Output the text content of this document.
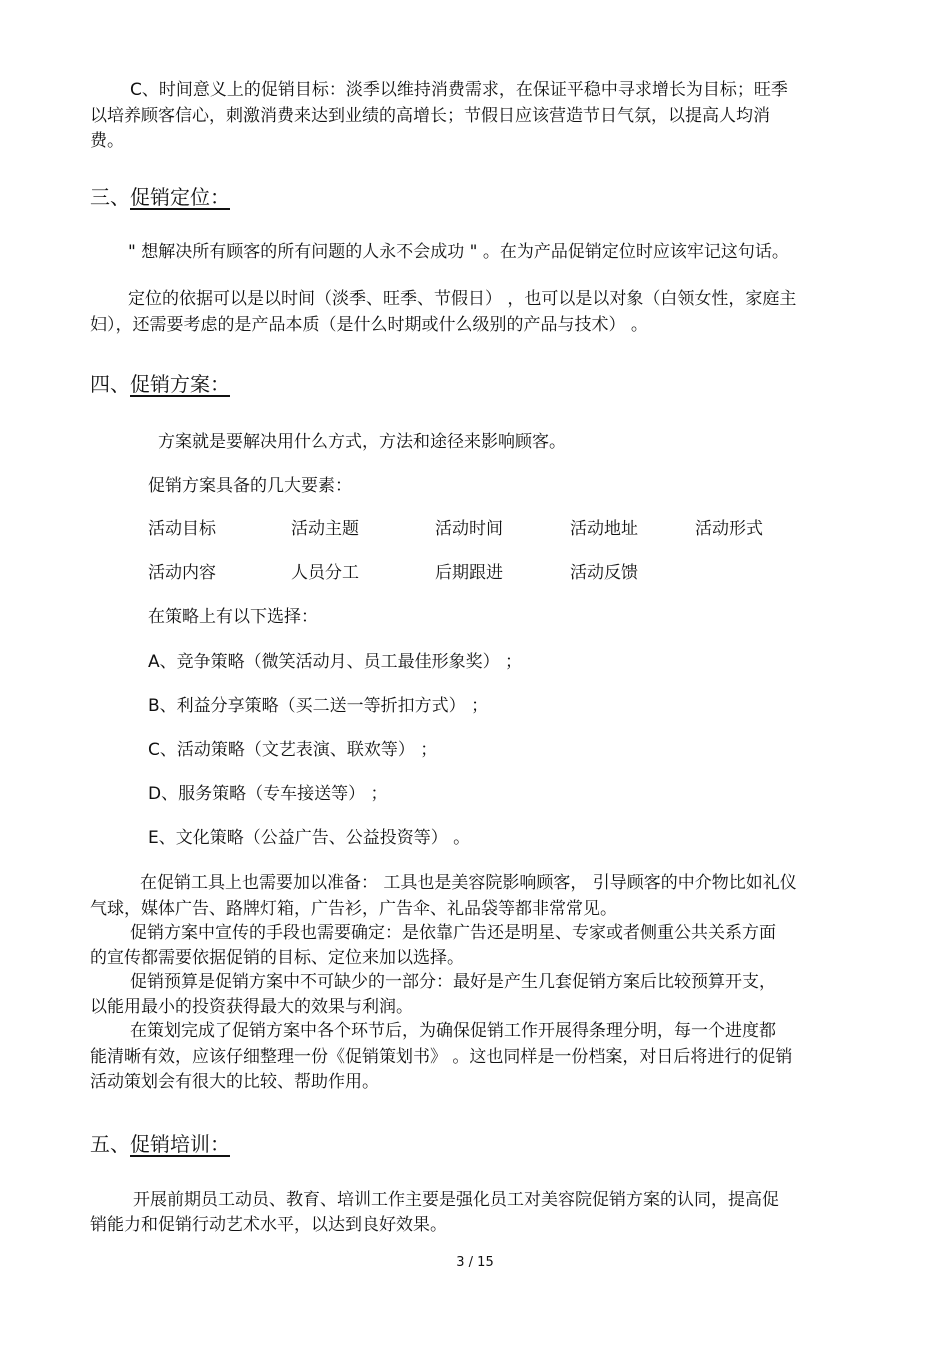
C、时间意义上的促销目标：淡季以维持消费需求，在保证平稳中寻求增长为目标；旺季
以培养顾客信心，刺激消费来达到业绩的高增长；节假日应该营造节日气氛，以提高人均消
费。
三、促销定位：
" 想解决所有顾客的所有问题的人永不会成功 " 。在为产品促销定位时应该牢记这句话。
定位的依据可以是以时间（淡季、旺季、节假日） ，也可以是以对象（白领女性，家庭主
妇），还需要考虑的是产品本质（是什么时期或什么级别的产品与技术） 。
四、促销方案：
方案就是要解决用什么方式，方法和途径来影响顾客。
促销方案具备的几大要素：
活动目标	活动主题	活动时间	活动地址	活动形式
活动内容	人员分工	后期跟进	活动反馈
在策略上有以下选择：
A、竞争策略（微笑活动月、员工最佳形象奖） ；
B、利益分享策略（买二送一等折扣方式） ；
C、活动策略（文艺表演、联欢等） ；
D、服务策略（专车接送等） ；
E、文化策略（公益广告、公益投资等） 。
在促销工具上也需要加以准备： 工具也是美容院影响顾客， 引导顾客的中介物比如礼仪
气球，媒体广告、路牌灯箱，广告衫，广告伞、礼品袋等都非常常见。
促销方案中宣传的手段也需要确定：是依靠广告还是明星、专家或者侧重公共关系方面
的宣传都需要依据促销的目标、定位来加以选择。
促销预算是促销方案中不可缺少的一部分：最好是产生几套促销方案后比较预算开支，
以能用最小的投资获得最大的效果与利润。
在策划完成了促销方案中各个环节后，为确保促销工作开展得条理分明，每一个进度都
能清晰有效，应该仔细整理一份《促销策划书》 。这也同样是一份档案，对日后将进行的促销
活动策划会有很大的比较、帮助作用。
五、促销培训：
开展前期员工动员、教育、培训工作主要是强化员工对美容院促销方案的认同，提高促
销能力和促销行动艺术水平，以达到良好效果。
3 / 15
